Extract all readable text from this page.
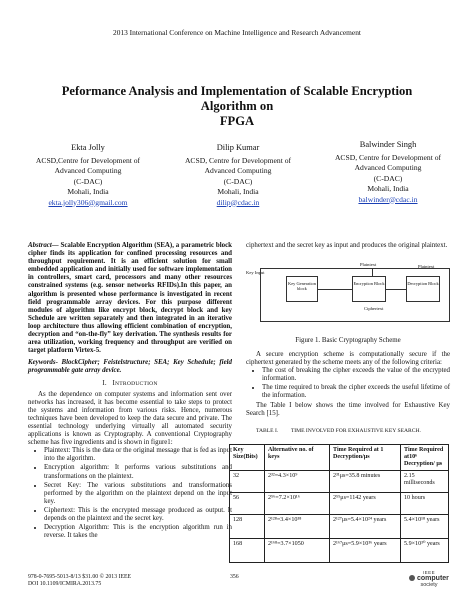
2013 International Conference on Machine Intelligence and Research Advancement
Peformance Analysis and Implementation of Scalable Encryption Algorithm on
FPGA
Ekta Jolly
ACSD,Centre for Development of
Advanced Computing
(C-DAC)
Mohali, India
ekta.jolly306@gmail.com
Dilip Kumar
ACSD, Centre for Development of
Advanced Computing
(C-DAC)
Mohali, India
dilip@cdac.in
Balwinder Singh
ACSD, Centre for Development of
Advanced Computing
(C-DAC)
Mohali, India
balwinder@cdac.in

Abstract— Scalable Encryption Algorithm (SEA), a parametric block cipher finds its application for confined processing resources and throughput requirement. It is an efficient solution for small embedded application and initially used for software implementation in controllers, smart card, processors and many other resources constrained systems (e.g. sensor networks RFIDs).In this paper, an algorithm is presented whose performance is investigated in recent field programmable array devices. For this purpose different modules of algorithm like encrypt block, decrypt block and key Schedule are written separately and then integrated in an iterative loop architecture thus allowing efficient combination of encryption, decryption and “on-the-fly” key derivation. The synthesis results for area utilization, working frequency and throughput are verified on target platform Virtex-5.

Keywords- BlockCipher; Feistelstructure; SEA; Key Schedule; field programmable gate array device.

I. INTRODUCTION

As the dependence on computer systems and information sent over networks has increased, it has become essential to take steps to protect the systems and information from various risks. Hence, numerous techniques have been developed to keep the data secure and private. The essential technology underlying virtually all automated security applications is known as Cryptography. A conventional Cryptography scheme has five ingredients and is shown in figure1:

• Plaintext: This is the data or the original message that is fed as input into the algorithm.
• Encryption algorithm: It performs various substitutions and transformations on the plaintext.
• Secret Key: The various substitutions and transformations performed by the algorithm on the plaintext depend on the input key.
• Ciphertext: This is the encrypted message produced as output. It depends on the plaintext and the secret key.
• Decryption Algorithm: This is the encryption algorithm run in reverse. It takes the
ciphertext and the secret key as input and produces the original plaintext.
Key Input
Plaintext
Key Generation block
Encryption Block	Decryption Block
Plaintext
Ciphertext
Figure 1. Basic Cryptography Scheme

A secure encryption scheme is computationally secure if the ciphertext generated by the scheme meets any of the following criteria:

• The cost of breaking the cipher exceeds the value of the encrypted information.
• The time required to break the cipher exceeds the useful lifetime of the information.

The Table I below shows the time involved for Exhaustive Key Search [15].

TABLE I. TIME INVOLVED FOR EXHAUSTIVE KEY SEARCH.
Key Size(Bits)	Alternative no. of keys	Time Required at 1 Decryption/μs	Time Required at10⁶ Decryption/ μs
32	2³²=4.3×10⁹	2³¹μs=35.8 minutes	2.15 milliseconds
56	2⁵⁶=7.2×10¹⁶	2⁵⁵μs=1142 years	10 hours
128	2¹²⁸=3.4×10³⁸	2¹²⁷μs=5.4×10²⁴ years	5.4×10¹⁸ years
168	2¹⁶⁸=3.7×1050	2¹⁶⁷μs=5.9×10³⁶ years	5.9×10³⁰ years
978-0-7695-5013-8/13 $31.00 © 2013 IEEE
DOI 10.1109/ICMIRA.2013.75
356
IEEE
computer
society
